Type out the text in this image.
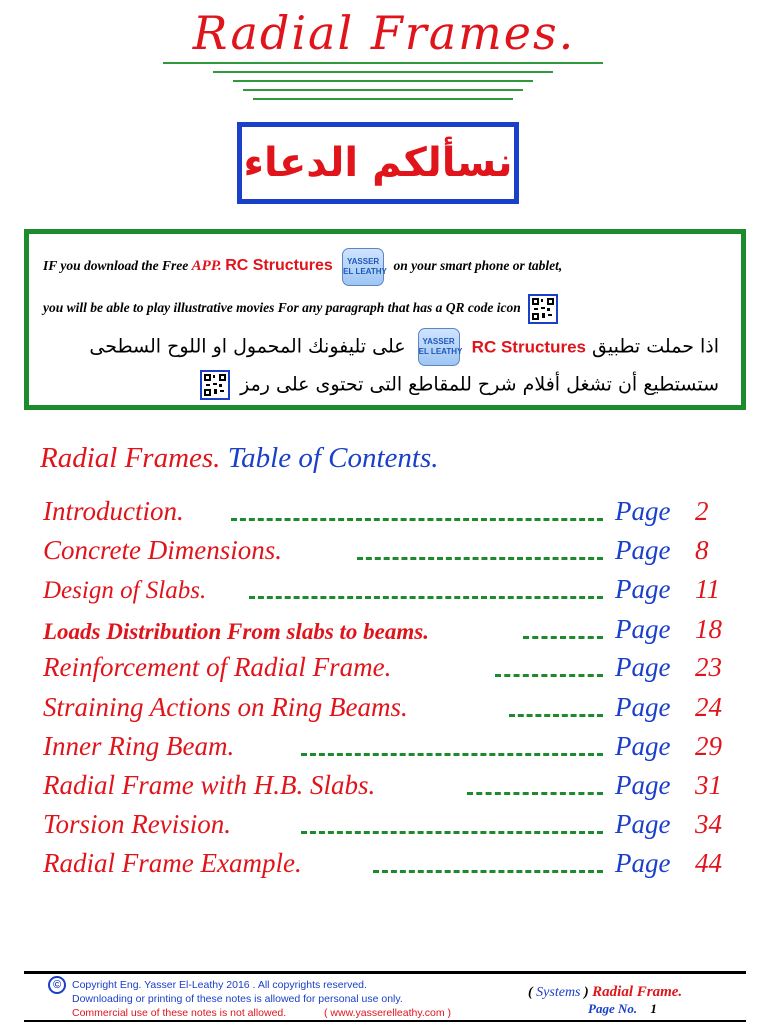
Radial Frames.
نسألكم الدعاء
IF you download the Free APP. RC Structures YASSER
EL LEATHY on your smart phone or tablet,
you will be able to play illustrative movies For any paragraph that has a QR code icon
اذا حملت تطبيق RC Structures YASSER
EL LEATHY على تليفونك المحمول او اللوح السطحى
ستستطيع أن تشغل أفلام شرح للمقاطع التى تحتوى على رمز
Radial Frames. Table of Contents.
Introduction.	Page 2
Concrete Dimensions.	Page 8
Design of Slabs.	Page 11
Loads Distribution From slabs to beams.	Page 18
Reinforcement of Radial Frame.	Page 23
Straining Actions on Ring Beams.	Page 24
Inner Ring Beam.	Page 29
Radial Frame with H.B. Slabs.	Page 31
Torsion Revision.	Page 34
Radial Frame Example.	Page 44
©	Copyright Eng. Yasser El-Leathy 2016 . All copyrights reserved.
Downloading or printing of these notes is allowed for personal use only.
Commercial use of these notes is not allowed.	( www.yasserelleathy.com )
( Systems ) Radial Frame.
Page No. 1
